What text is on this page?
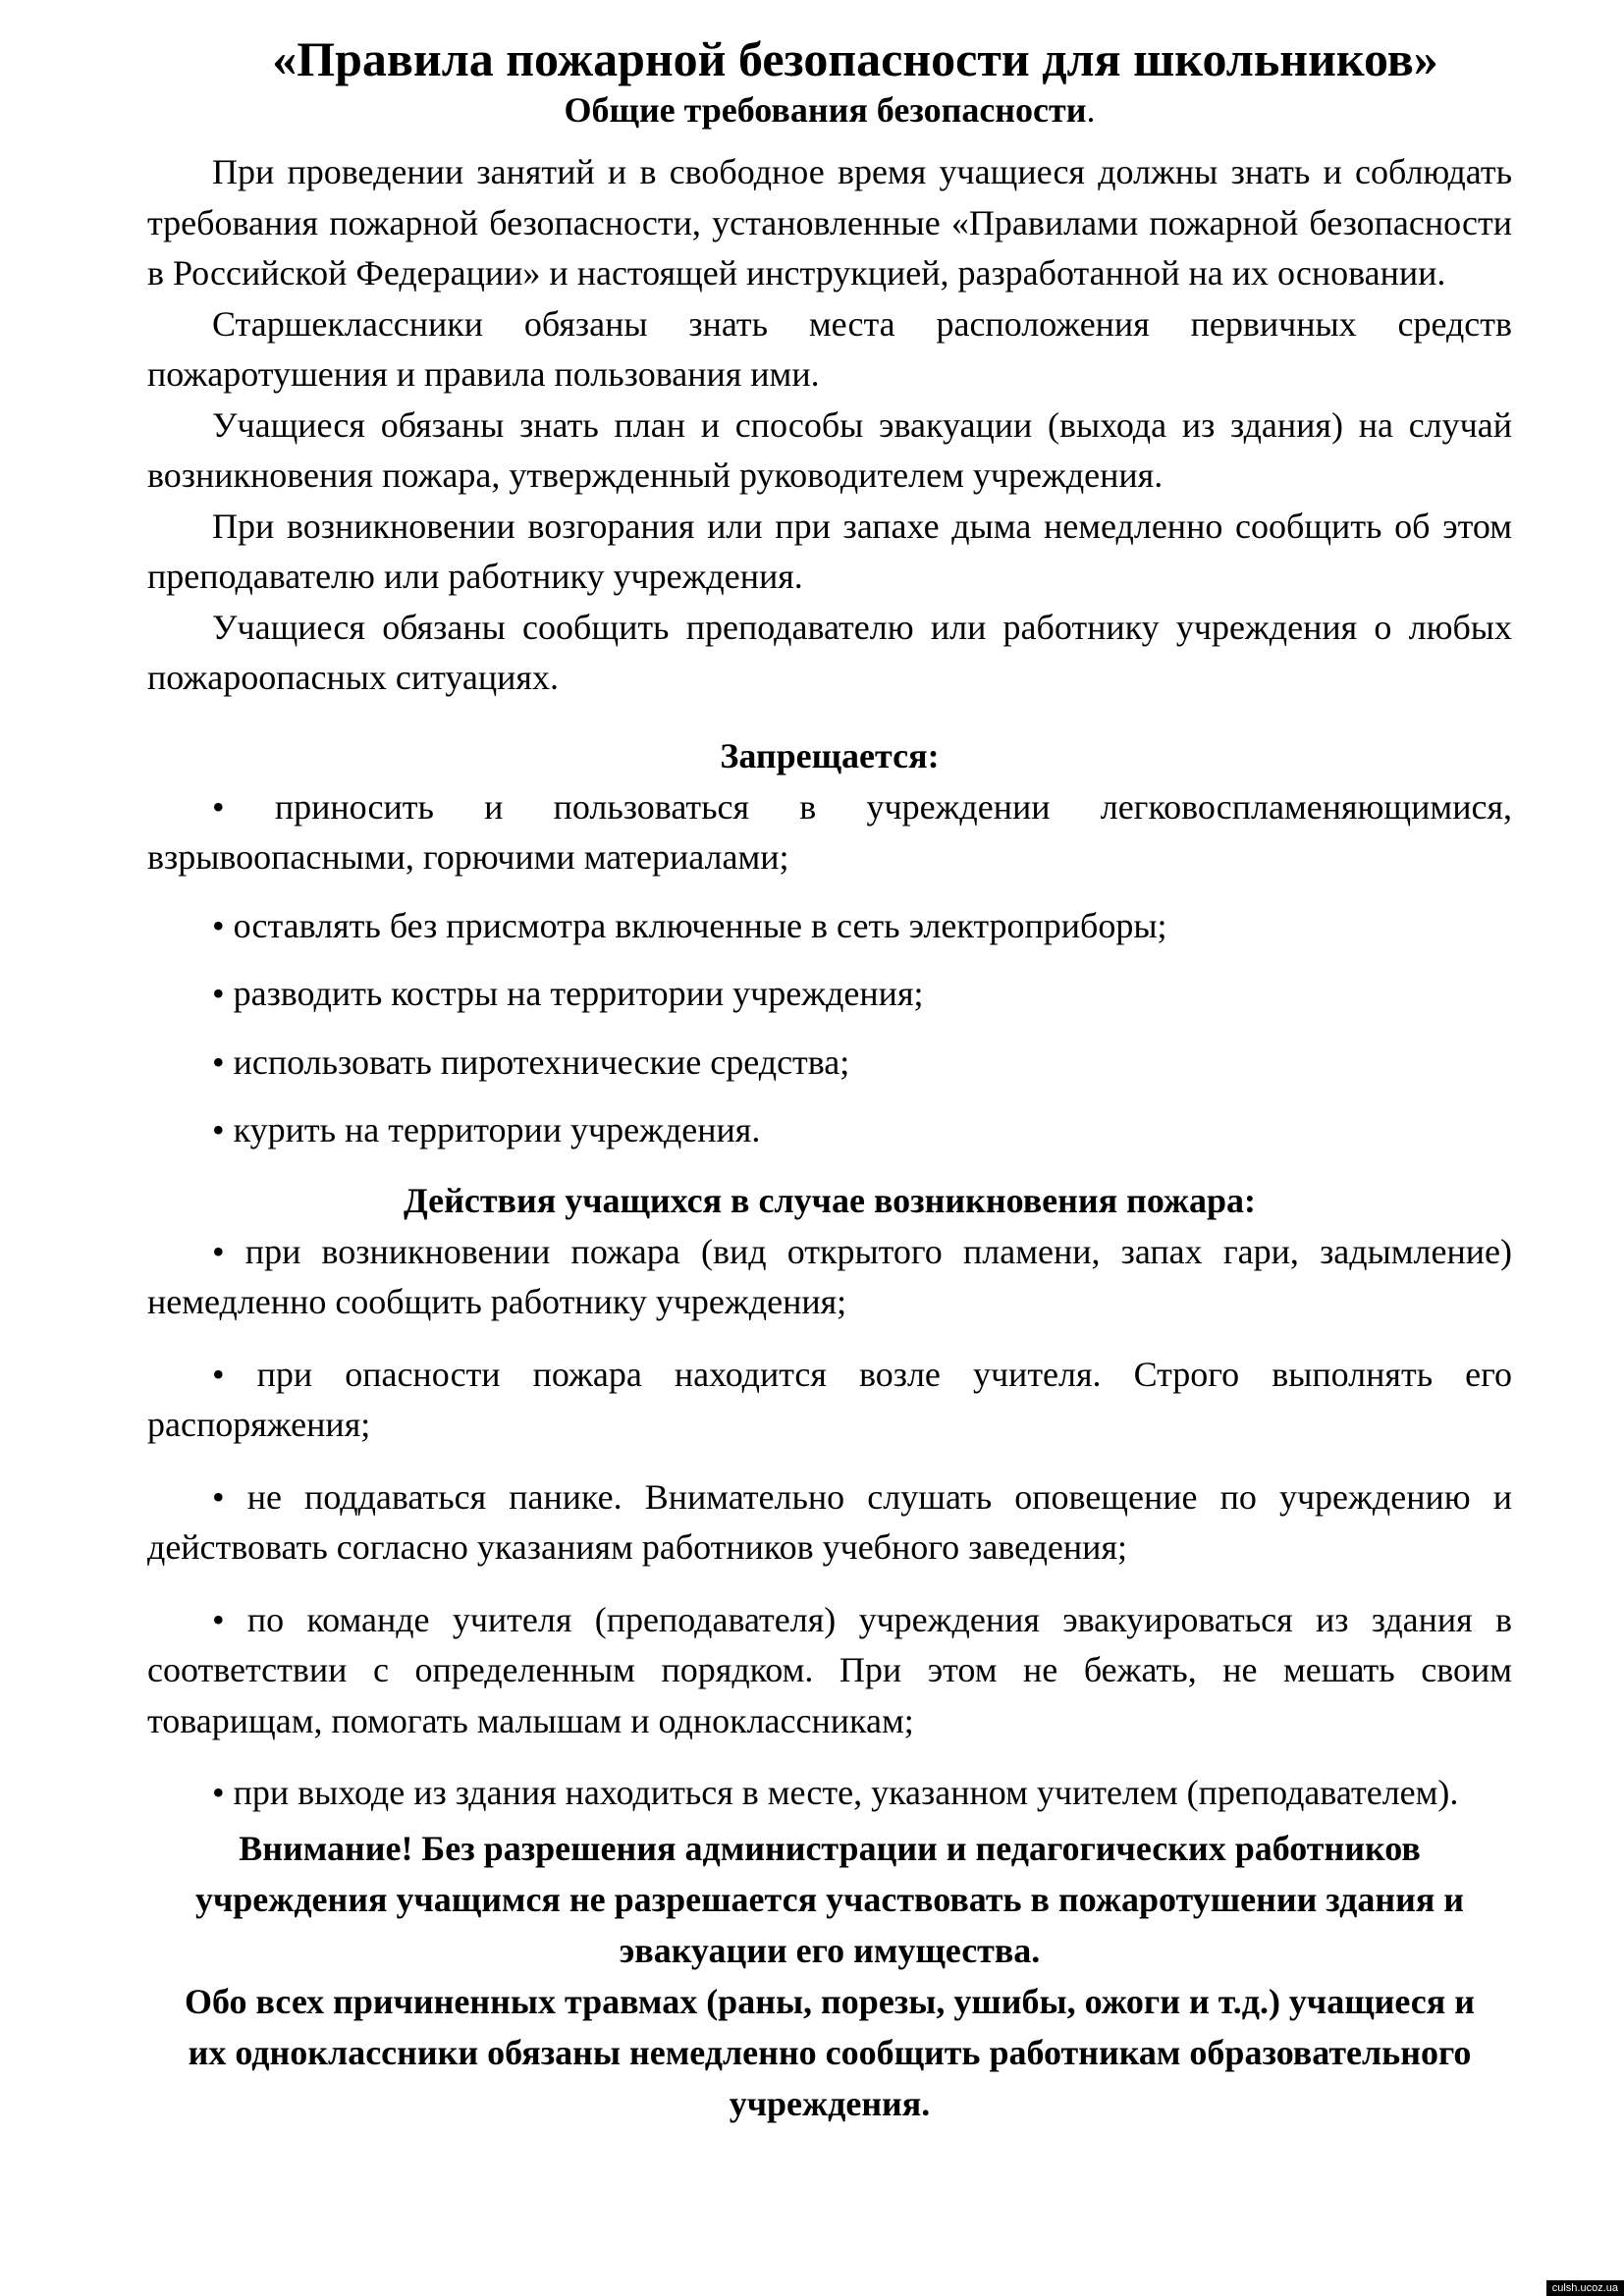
«Правила пожарной безопасности для школьников»
Общие требования безопасности.

При проведении занятий и в свободное время учащиеся должны знать и соблюдать требования пожарной безопасности, установленные «Правилами пожарной безопасности в Российской Федерации» и настоящей инструкцией, разработанной на их основании.

Старшеклассники обязаны знать места расположения первичных средств пожаротушения и правила пользования ими.

Учащиеся обязаны знать план и способы эвакуации (выхода из здания) на случай возникновения пожара, утвержденный руководителем учреждения.

При возникновении возгорания или при запахе дыма немедленно сообщить об этом преподавателю или работнику учреждения.

Учащиеся обязаны сообщить преподавателю или работнику учреждения о любых пожароопасных ситуациях.

Запрещается:

• приносить и пользоваться в учреждении легковоспламеняющимися, взрывоопасными, горючими материалами;

• оставлять без присмотра включенные в сеть электроприборы;

• разводить костры на территории учреждения;

• использовать пиротехнические средства;

• курить на территории учреждения.

Действия учащихся в случае возникновения пожара:

• при возникновении пожара (вид открытого пламени, запах гари, задымление) немедленно сообщить работнику учреждения;

• при опасности пожара находится возле учителя. Строго выполнять его распоряжения;

• не поддаваться панике. Внимательно слушать оповещение по учреждению и действовать согласно указаниям работников учебного заведения;

• по команде учителя (преподавателя) учреждения эвакуироваться из здания в соответствии с определенным порядком. При этом не бежать, не мешать своим товарищам, помогать малышам и одноклассникам;

• при выходе из здания находиться в месте, указанном учителем (преподавателем).

Внимание! Без разрешения администрации и педагогических работников учреждения учащимся не разрешается участвовать в пожаротушении здания и эвакуации его имущества.

Обо всех причиненных травмах (раны, порезы, ушибы, ожоги и т.д.) учащиеся и их одноклассники обязаны немедленно сообщить работникам образовательного учреждения.

culsh.ucoz.ua
